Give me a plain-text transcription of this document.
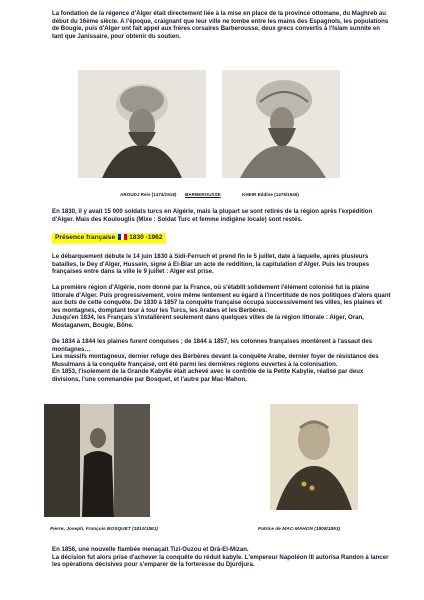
La fondation de la régence d'Alger était directement liée à la mise en place de la province ottomane, du Maghreb au début du 16ème siècle. A l'époque, craignant que leur ville ne tombe entre les mains des Espagnols, les populations de Bougie, puis d'Alger ont fait appel aux frères corsaires Barberousse, deux grecs convertis à l'Islam sunnite en tant que Janissaire, pour obtenir du soutien.

AROUDJ Reis (1474/1518) BARBEROUSSE	KHEIR Eddine (1476/1546)

En 1830, il y avait 15 000 soldats turcs en Algérie, mais la plupart se sont retirés de la région après l'expédition d'Alger. Mais des Koulouglis (Mixe : Soldat Turc et femme indigène locale) sont restés.

Présence française 1830 -1962

Le débarquement débute le 14 juin 1830 à Sidi-Ferruch et prend fin le 5 juillet, date à laquelle, après plusieurs batailles, le Dey d'Alger, Hussein, signe à El-Biar un acte de reddition, la capitulation d'Alger. Puis les troupes françaises entre dans la ville le 9 juillet : Alger est prise.

La première région d'Algérie, nom donné par la France, où s'établit solidement l'élément colonisé fut la plaine littorale d'Alger. Puis progressivement, voire même lentement eu égard à l'incertitude de nos politiques d'alors quant aux buts de cette conquête. De 1830 à 1857 la conquête française occupa successivement les villes, les plaines et les montagnes, domptant tour à tour les Turcs, les Arabes et les Berbères.
Jusqu'en 1834, les Français s'installèrent seulement dans quelques villes de la région littorale : Alger, Oran, Mostaganem, Bougie, Bône.

De 1834 à 1844 les plaines furent conquises ; de 1844 à 1857, les colonnes françaises montèrent à l'assaut des montagnes…
Les massifs montagneux, dernier refuge des Berbères devant la conquête Arabe, dernier foyer de résistance des Musulmans à la conquête française, ont été parmi les dernières régions ouvertes à la colonisation.
En 1853, l'isolement de la Grande Kabylie était achevé avec le contrôle de la Petite Kabylie, réalisé par deux divisions, l'une commandée par Bosquet, et l'autre par Mac-Mahon.

Pierre, Joseph, François BOSQUET (1810/1861)	Patrice de MAC-MAHON (1808/1893)

En 1856, une nouvelle flambée menaçait Tizi-Ouzou et Drâ-El-Mizan.
La décision fut alors prise d'achever la conquête du réduit kabyle. L'empereur Napoléon III autorisa Randon à lancer les opérations décisives pour s'emparer de la forteresse du Djurdjura.
